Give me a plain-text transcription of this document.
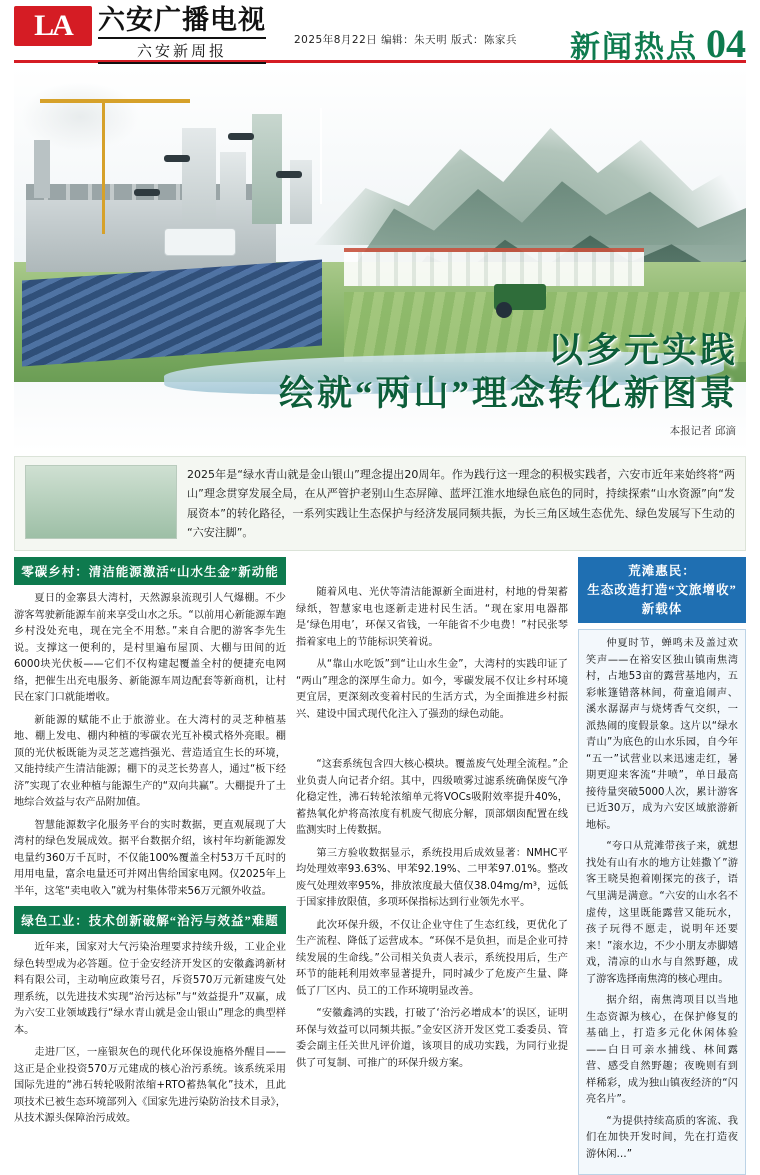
LA 六安广播电视
六安新周报
2025年8月22日 编辑：朱天明 版式：陈家兵 新闻热点 04
以多元实践
绘就“两山”理念转化新图景
本报记者 邱滴

2025年是“绿水青山就是金山银山”理念提出20周年。作为践行这一理念的积极实践者，六安市近年来始终将“两山”理念贯穿发展全局，在从严管护老别山生态屏障、蓝坪江淮水地绿色底色的同时，持续探索“山水资源”向“发展资本”的转化路径，一系列实践让生态保护与经济发展同频共振，为长三角区域生态优先、绿色发展写下生动的“六安注脚”。

零碳乡村：清洁能源激活“山水生金”新动能

夏日的金寨县大湾村，天然源泉流现引人气爆棚。不少游客驾驶新能源车前来享受山水之乐。“以前用心新能源车跑乡村没处充电，现在完全不用愁。”来自合肥的游客李先生说。支撑这一便利的，是村里遍布屋顶、大棚与田间的近6000块光伏板——它们不仅构建起覆盖全村的便捷充电网络，把催生出充电服务、新能源车周边配套等新商机，让村民在家门口就能增收。

新能源的赋能不止于旅游业。在大湾村的灵芝种植基地、棚上发电、棚内种植的零碳农光互补模式格外亮眼。棚顶的光伏板既能为灵芝芝遮挡强光、营造适宜生长的环境，又能持续产生清洁能源；棚下的灵芝长势喜人，通过“板下经济”实现了农业种植与能源生产的“双向共赢”。大棚提升了土地综合效益与农产品附加值。

智慧能源数字化服务平台的实时数据，更直观展现了大湾村的绿色发展成效。据平台数据介绍，该村年均新能源发电量约360万千瓦时，不仅能100%覆盖全村53万千瓦时的用用电量，富余电量还可并网出售给国家电网。仅2025年上半年，这笔“卖电收入”就为村集体带来56万元额外收益。

绿色工业：技术创新破解“治污与效益”难题

近年来，国家对大气污染治理要求持续升级，工业企业绿色转型成为必答题。位于金安经济开发区的安徽鑫鸿新材料有限公司，主动响应政策号召，斥资570万元新建废气处理系统，以先进技术实现“治污达标”与“效益提升”双赢，成为六安工业领域践行“绿水青山就是金山银山”理念的典型样本。

走进厂区，一座银灰色的现代化环保设施格外醒目——这正是企业投资570万元建成的核心治污系统。该系统采用国际先进的“沸石转轮吸附浓缩+RTO蓄热氧化”技术，且此项技术已被生态环境部列入《国家先进污染防治技术目录》，从技术源头保障治污成效。

随着风电、光伏等清洁能源新全面进村，村地的骨架蓄绿纸，智慧家电也逐新走进村民生活。“现在家用电器都是‘绿色用电’，环保又省钱，一年能省不少电费！”村民张琴指着家电上的节能标识笑着说。

从“靠山水吃饭”到“让山水生金”，大湾村的实践印证了“两山”理念的深厚生命力。如今，零碳发展不仅让乡村环境更宜居，更深刻改变着村民的生活方式，为全面推进乡村振兴、建设中国式现代化注入了强劲的绿色动能。

“这套系统包含四大核心模块。覆盖废气处理全流程。”企业负责人向记者介绍。其中，四级喷雾过滤系统确保废气净化稳定性，沸石转轮浓缩单元将VOCs吸附效率提升40%，蓄热氧化炉将高浓度有机废气彻底分解，顶部烟囱配置在线监测实时上传数据。

第三方验收数据显示，系统投用后成效显著：NMHC平均处理效率93.63%、甲苯92.19%、二甲苯97.01%。整改废气处理效率95%，排放浓度最大值仅38.04mg/m³，远低于国家排放限值，多项环保指标达到行业领先水平。

此次环保升级，不仅让企业守住了生态红线，更优化了生产流程、降低了运营成本。“环保不是负担，而是企业可持续发展的生命线。”公司相关负责人表示，系统投用后，生产环节的能耗利用效率显著提升，同时减少了危废产生量、降低了厂区内、员工的工作环境明显改善。

“安徽鑫鸿的实践，打破了‘治污必增成本’的误区，证明环保与效益可以同频共振。”金安区济开发区党工委委员、管委会副主任关世凡评价道，该项目的成功实践，为同行业提供了可复制、可推广的环保升级方案。

荒滩惠民：
生态改造打造“文旅增收”
新载体

仲夏时节，蝉鸣未及盖过欢笑声——在裕安区独山镇南焦湾村，占地53亩的露营基地内，五彩帐篷错落林间，荷童追闹声、溪水潺潺声与烧烤香气交织，一派热闹的度假景象。这片以“绿水青山”为底色的山水乐园，自今年“五一”试营业以来迅速走红，暑期更迎来客流“井喷”，单日最高接待量突破5000人次，累计游客已近30万，成为六安区域旅游新地标。

“夸口从荒滩带孩子来，就想找处有山有水的地方让娃撒丫”游客王晓昊抱着刚探完的孩子，语气里满是满意。“六安的山水名不虚传，这里既能露营又能玩水，孩子玩得不愿走，说明年还要来！”滚水边，不少小朋友赤脚嬉戏，清凉的山水与自然野趣，成了游客选择南焦湾的核心理由。

据介绍，南焦湾项目以当地生态资源为核心，在保护修复的基础上，打造多元化休闲体验——白日可亲水捕线、林间露营、感受自然野趣；夜晚则有到样稀彩，成为独山镇夜经济的“闪亮名片”。

“为提供持续高质的客流、我们在加快开发时间，先在打造夜游休闲…”
